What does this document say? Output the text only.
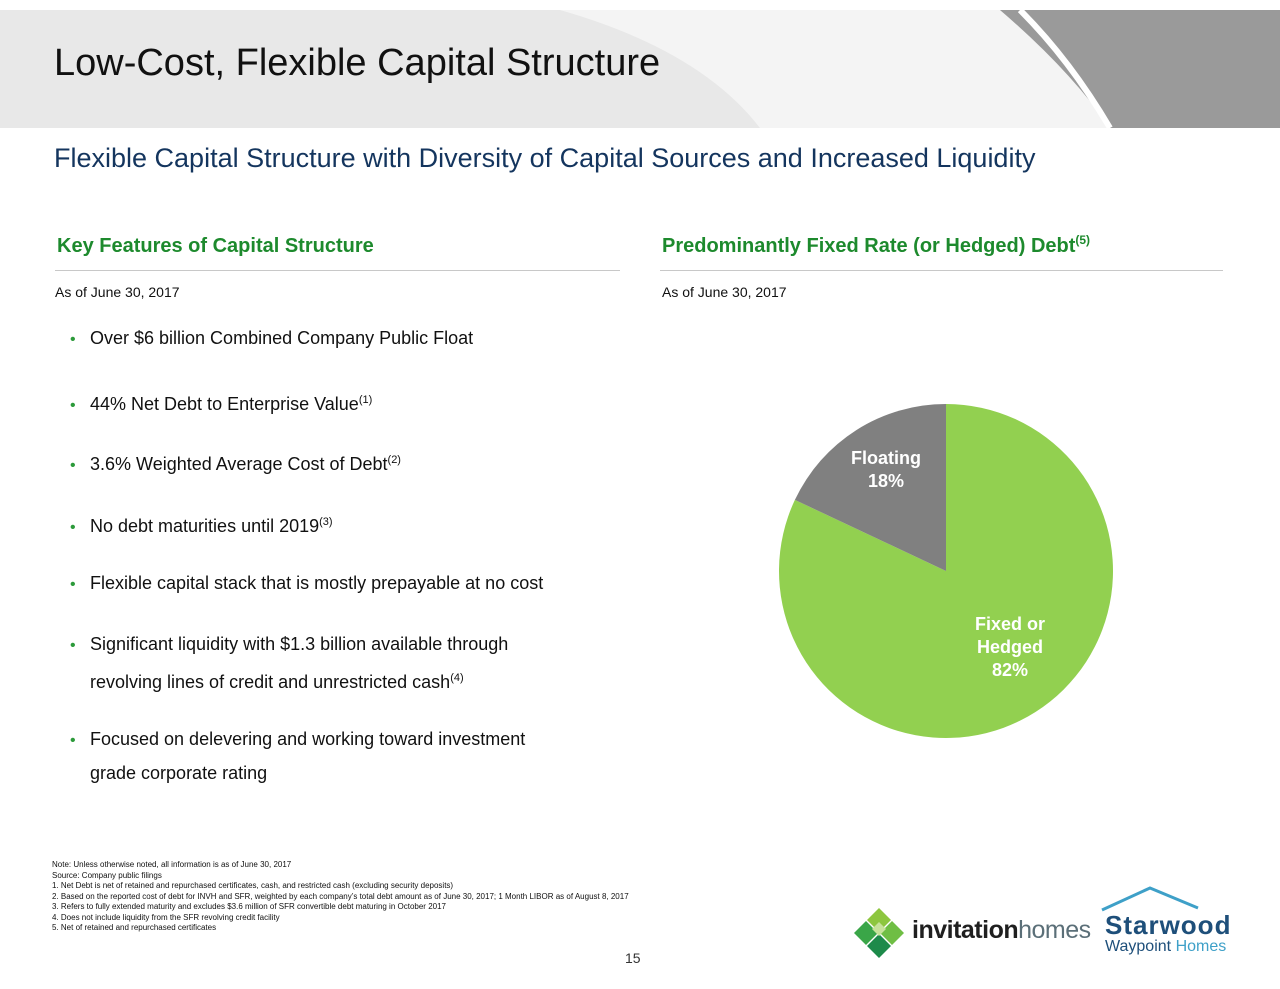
Low-Cost, Flexible Capital Structure
Flexible Capital Structure with Diversity of Capital Sources and Increased Liquidity
Key Features of Capital Structure
As of June 30, 2017
• Over $6 billion Combined Company Public Float
• 44% Net Debt to Enterprise Value$^{(1)}$
• 3.6% Weighted Average Cost of Debt$^{(2)}$
• No debt maturities until 2019$^{(3)}$
• Flexible capital stack that is mostly prepayable at no cost
• Significant liquidity with $1.3 billion available through
revolving lines of credit and unrestricted cash$^{(4)}$
• Focused on delevering and working toward investment
grade corporate rating
Predominantly Fixed Rate (or Hedged) Debt$^{(5)}$
As of June 30, 2017
Fixed or
Hedged
82%
Floating
18%
Note: Unless otherwise noted, all information is as of June 30, 2017
Source: Company public filings
1. Net Debt is net of retained and repurchased certificates, cash, and restricted cash (excluding security deposits)
2. Based on the reported cost of debt for INVH and SFR, weighted by each company’s total debt amount as of June 30, 2017; 1 Month LIBOR as of August 8, 2017
3. Refers to fully extended maturity and excludes $3.6 million of SFR convertible debt maturing in October 2017
4. Does not include liquidity from the SFR revolving credit facility
5. Net of retained and repurchased certificates
15
invitationhomes Starwood
Waypoint Homes
